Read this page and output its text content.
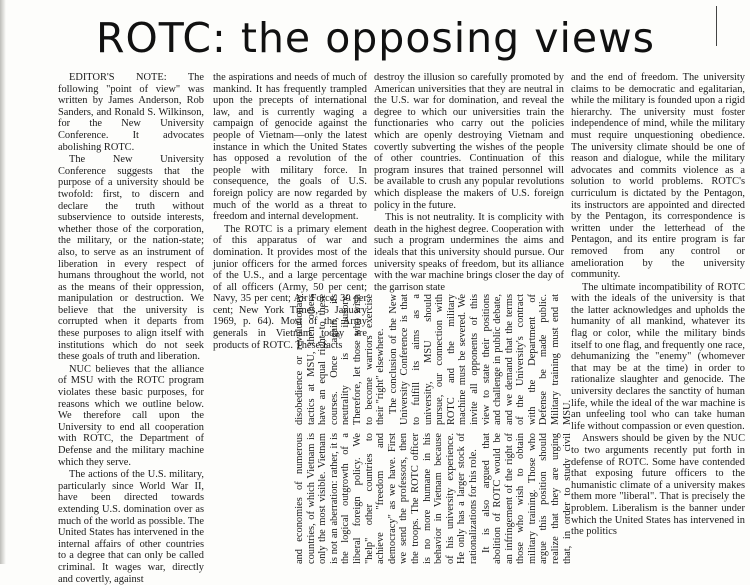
ROTC: the opposing views

EDITOR'S NOTE: The following "point of view" was written by James Anderson, Rob Sanders, and Ronald S. Wilkinson, for the New University Conference. It advocates abolishing ROTC.

The New University Conference suggests that the purpose of a university should be twofold: first, to discern and declare the truth without subservience to outside interests, whether those of the corporation, the military, or the nation-state; also, to serve as an instrument of liberation in every respect of humans throughout the world, not as the means of their oppression, manipulation or destruction. We believe that the university is corrupted when it departs from these purposes to align itself with institutions which do not seek these goals of truth and liberation.

NUC believes that the alliance of MSU with the ROTC program violates these basic purposes, for reasons which we outline below. We therefore call upon the University to end all cooperation with ROTC, the Department of Defense and the military machine which they serve.

The actions of the U.S. military, particularly since World War II, have been directed towards extending U.S. domination over as much of the world as possible. The United States has intervened in the internal affairs of other countries to a degree that can only be called criminal. It wages war, directly and covertly, against

the aspirations and needs of much of mankind. It has frequently trampled upon the precepts of international law, and is currently waging a campaign of genocide against the people of Vietnam—only the latest instance in which the United States has opposed a revolution of the people with military force. In consequence, the goals of U.S. foreign policy are now regarded by much of the world as a threat to freedom and internal development.

The ROTC is a primary element of this apparatus of war and domination. It provides most of the junior officers for the armed forces of the U.S., and a large percentage of all officers (Army, 50 per cent; Navy, 35 per cent; Air Force, 30 per cent; New York Times, 5 January 1969, p. 64). Most of the Army generals in Vietnam today are products of ROTC. These facts

destroy the illusion so carefully promoted by American universities that they are neutral in the U.S. war for domination, and reveal the degree to which our universities train the functionaries who carry out the policies which are openly destroying Vietnam and covertly subverting the wishes of the people of other countries. Continuation of this program insures that trained personnel will be available to crush any popular revolutions which displease the makers of U.S. foreign policy in the future.

This is not neutrality. It is complicity with death in the highest degree. Cooperation with such a program undermines the aims and ideals that this university should pursue. Our university speaks of freedom, but its alliance with the war machine brings closer the day of the garrison state

and the end of freedom. The university claims to be democratic and egalitarian, while the military is founded upon a rigid hierarchy. The university must foster independence of mind, while the military must require unquestioning obedience. The university climate should be one of reason and dialogue, while the military advocates and commits violence as a solution to world problems. ROTC's curriculum is dictated by the Pentagon, its instructors are appointed and directed by the Pentagon, its correspondence is written under the letterhead of the Pentagon, and its entire program is far removed from any control or amelioration by the university community.

The ultimate incompatibility of ROTC with the ideals of the university is that the latter acknowledges and upholds the humanity of all mankind, whatever its flag or color, while the military binds itself to one flag, and frequently one race, dehumanizing the "enemy" (whomever that may be at the time) in order to rationalize slaughter and genocide. The university declares the sanctity of human life, while the ideal of the war machine is an unfeeling tool who can take human life without compassion or even question.

Answers should be given by the NUC to two arguments recently put forth in defense of ROTC. Some have contended that exposing future officers to the humanistic climate of a university makes them more "liberal". That is precisely the problem. Liberalism is the banner under which the United States has intervened in the politics

and economies of numerous countries, of which Vietnam is only the most visible. Vietnam is not an aberration: rather, it is the logical outgrowth of a liberal foreign policy. We "help" other countries to achieve "freedom and democracy" as we have. First we send the professors, then the troops. The ROTC officer is no more humane in his behavior in Vietnam because of his university experience. He only has a larger stock of rationalizations for his role. It is also argued that abolition of ROTC would be an infringement of the right of those who wish to obtain military training. Those who argue this position should realize that they are urging that, in order to study civil disobedience or revolutionary tactics at MSU, then others have an equal right to these courses. Once again, its neutrality is illusory. Therefore, let those who wish to become warriors exercise their "right" elsewhere. The conclusion of the New University Conference is that to fulfill its aims as a university, MSU should pursue, our connection with ROTC and the military machine must be severed. We invite all opponents of this view to state their positions and challenge in public debate, and we demand that the terms of the University's contract with the Department of Defense be made public. Military training must end at MSU.
